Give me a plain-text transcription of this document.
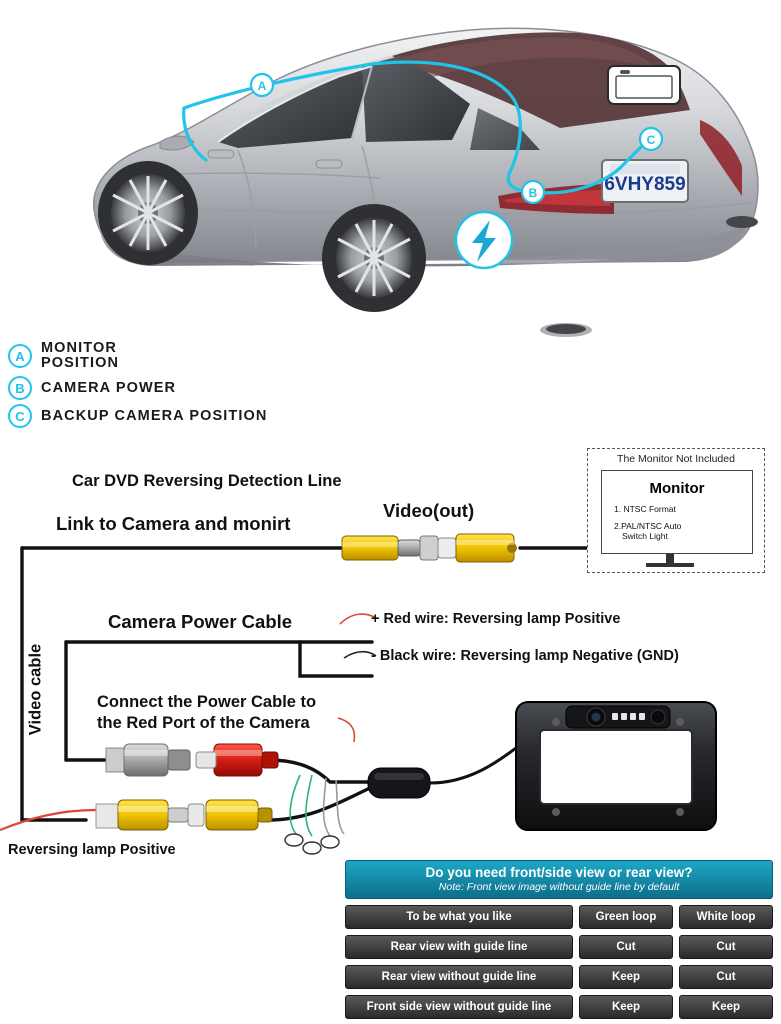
6VHY859
A
B
C
A	MONITOR
POSITION
B	CAMERA POWER
C	BACKUP CAMERA POSITION
Car DVD Reversing Detection Line
Link to Camera and monirt
Video(out)
Camera Power Cable	+ Red wire: Reversing lamp Positive
- Black wire: Reversing lamp Negative (GND)
Connect the Power Cable to
the Red Port of the Camera
Reversing lamp Positive
Video cable
The Monitor Not Included
Monitor
1. NTSC Format
2.PAL/NTSC Auto
Switch Light
Do you need front/side view or rear view?
Note: Front view image without guide line by default
To be what you like	Green loop	White loop
Rear view with guide line	Cut	Cut
Rear view without guide line	Keep	Cut
Front side view without guide line	Keep	Keep
